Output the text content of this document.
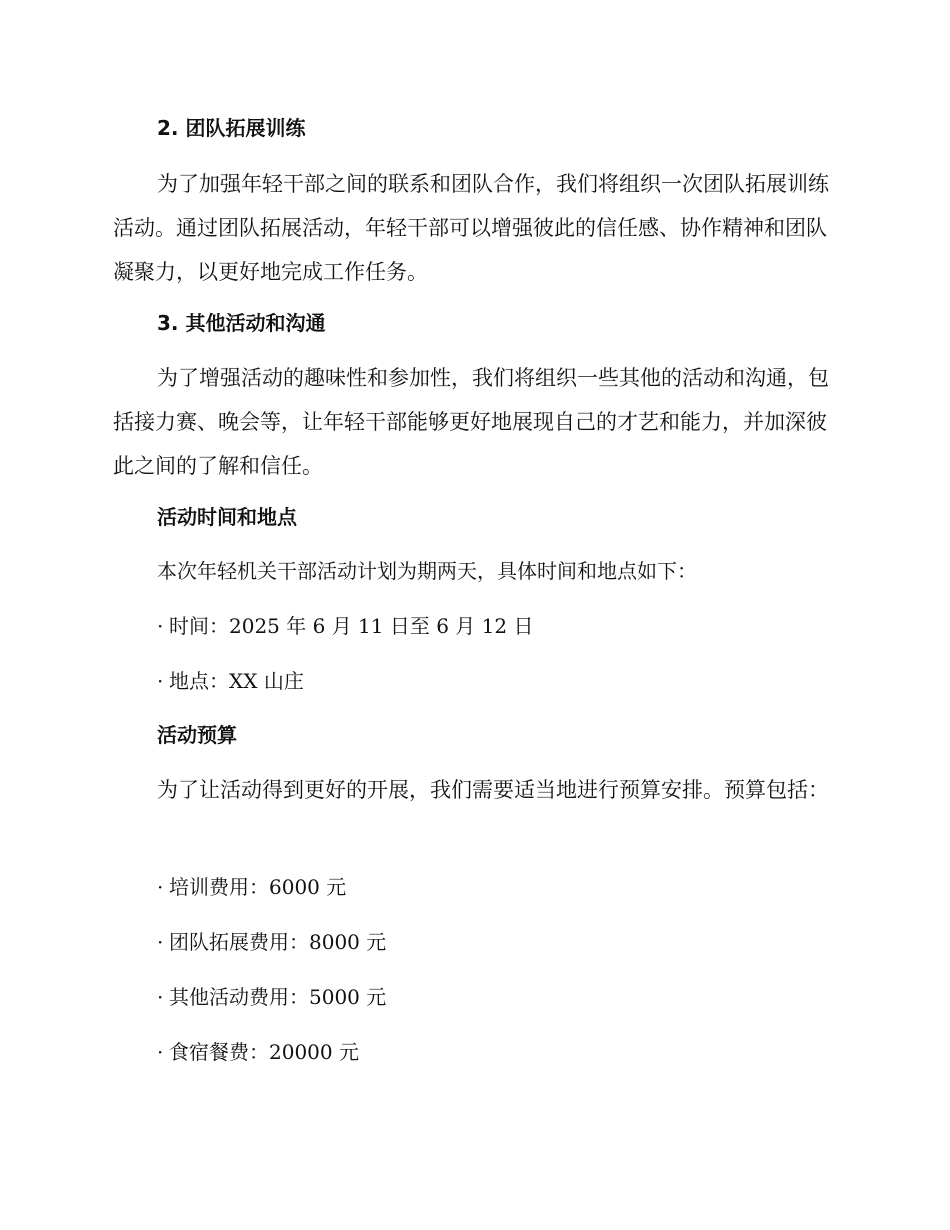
2. 团队拓展训练

为了加强年轻干部之间的联系和团队合作，我们将组织一次团队拓展训练活动。通过团队拓展活动，年轻干部可以增强彼此的信任感、协作精神和团队凝聚力，以更好地完成工作任务。

3. 其他活动和沟通

为了增强活动的趣味性和参加性，我们将组织一些其他的活动和沟通，包括接力赛、晚会等，让年轻干部能够更好地展现自己的才艺和能力，并加深彼此之间的了解和信任。

活动时间和地点
本次年轻机关干部活动计划为期两天，具体时间和地点如下：
· 时间：2025 年 6 月 11 日至 6 月 12 日
· 地点：XX 山庄
活动预算

为了让活动得到更好的开展，我们需要适当地进行预算安排。预算包括：

· 培训费用：6000 元
· 团队拓展费用：8000 元
· 其他活动费用：5000 元
· 食宿餐费：20000 元
